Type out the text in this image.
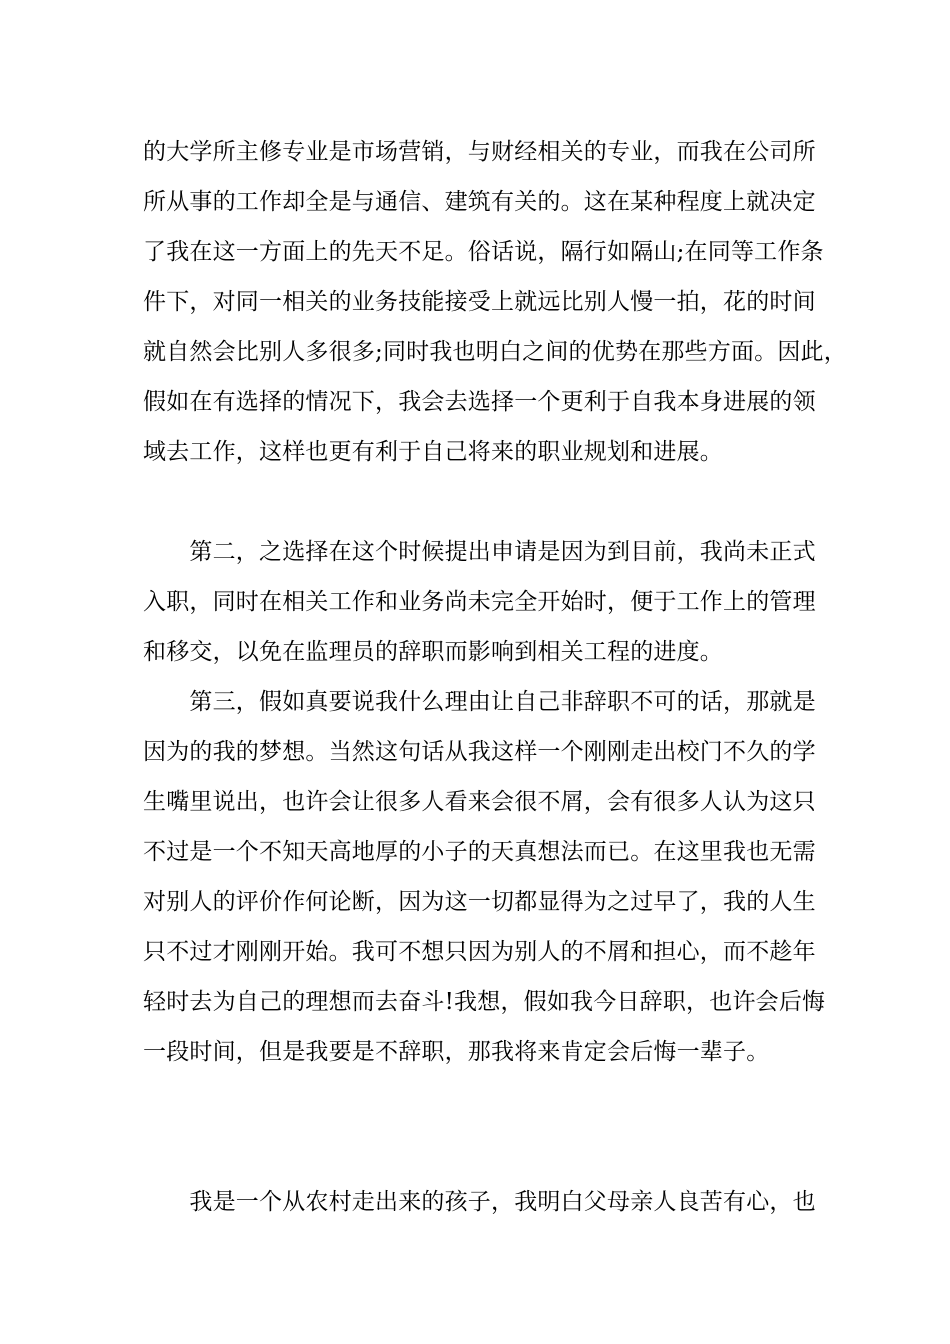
的大学所主修专业是市场营销，与财经相关的专业，而我在公司所
所从事的工作却全是与通信、建筑有关的。这在某种程度上就决定
了我在这一方面上的先天不足。俗话说，隔行如隔山;在同等工作条
件下，对同一相关的业务技能接受上就远比别人慢一拍，花的时间
就自然会比别人多很多;同时我也明白之间的优势在那些方面。因此，
假如在有选择的情况下，我会去选择一个更利于自我本身进展的领
域去工作，这样也更有利于自己将来的职业规划和进展。
　　第二，之选择在这个时候提出申请是因为到目前，我尚未正式
入职，同时在相关工作和业务尚未完全开始时，便于工作上的管理
和移交，以免在监理员的辞职而影响到相关工程的进度。
　　第三，假如真要说我什么理由让自己非辞职不可的话，那就是
因为的我的梦想。当然这句话从我这样一个刚刚走出校门不久的学
生嘴里说出，也许会让很多人看来会很不屑，会有很多人认为这只
不过是一个不知天高地厚的小子的天真想法而已。在这里我也无需
对别人的评价作何论断，因为这一切都显得为之过早了，我的人生
只不过才刚刚开始。我可不想只因为别人的不屑和担心，而不趁年
轻时去为自己的理想而去奋斗!我想，假如我今日辞职，也许会后悔
一段时间，但是我要是不辞职，那我将来肯定会后悔一辈子。
　　我是一个从农村走出来的孩子，我明白父母亲人良苦有心，也
